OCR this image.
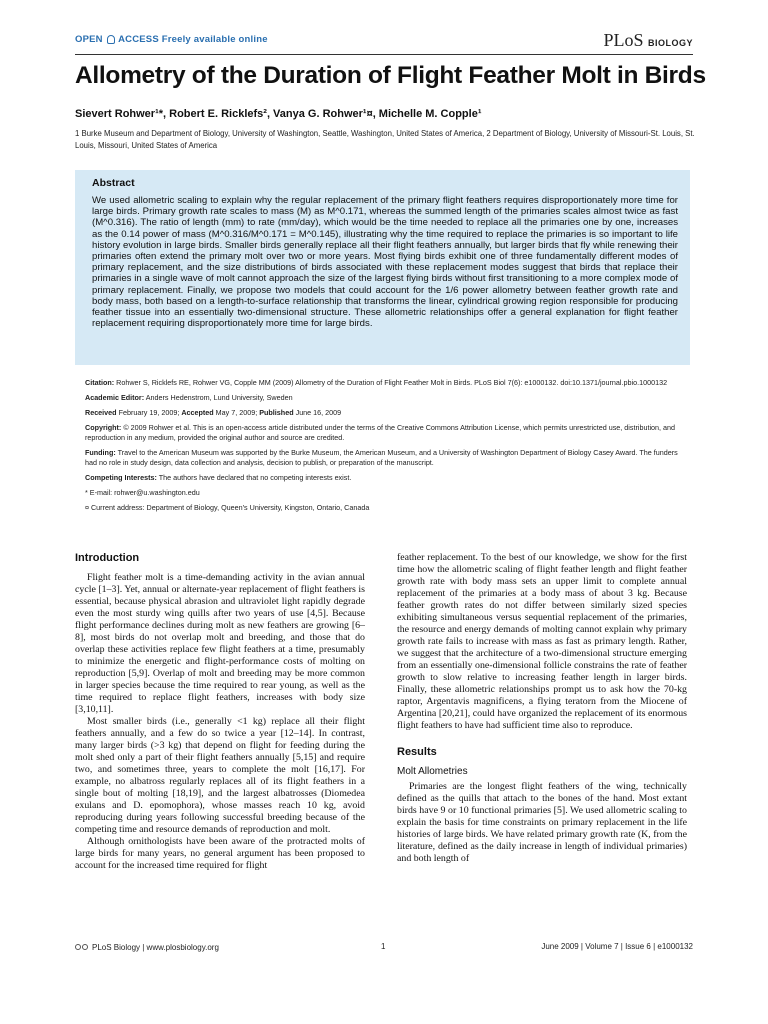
OPEN ACCESS Freely available online	PLoS BIOLOGY
Allometry of the Duration of Flight Feather Molt in Birds
Sievert Rohwer¹*, Robert E. Ricklefs², Vanya G. Rohwer¹¤, Michelle M. Copple¹
1 Burke Museum and Department of Biology, University of Washington, Seattle, Washington, United States of America, 2 Department of Biology, University of Missouri-St. Louis, St. Louis, Missouri, United States of America
Abstract

We used allometric scaling to explain why the regular replacement of the primary flight feathers requires disproportionately more time for large birds. Primary growth rate scales to mass (M) as M^0.171, whereas the summed length of the primaries scales almost twice as fast (M^0.316). The ratio of length (mm) to rate (mm/day), which would be the time needed to replace all the primaries one by one, increases as the 0.14 power of mass (M^0.316/M^0.171 = M^0.145), illustrating why the time required to replace the primaries is so important to life history evolution in large birds. Smaller birds generally replace all their flight feathers annually, but larger birds that fly while renewing their primaries often extend the primary molt over two or more years. Most flying birds exhibit one of three fundamentally different modes of primary replacement, and the size distributions of birds associated with these replacement modes suggest that birds that replace their primaries in a single wave of molt cannot approach the size of the largest flying birds without first transitioning to a more complex mode of primary replacement. Finally, we propose two models that could account for the 1/6 power allometry between feather growth rate and body mass, both based on a length-to-surface relationship that transforms the linear, cylindrical growing region responsible for producing feather tissue into an essentially two-dimensional structure. These allometric relationships offer a general explanation for flight feather replacement requiring disproportionately more time for large birds.

Citation: Rohwer S, Ricklefs RE, Rohwer VG, Copple MM (2009) Allometry of the Duration of Flight Feather Molt in Birds. PLoS Biol 7(6): e1000132. doi:10.1371/journal.pbio.1000132

Academic Editor: Anders Hedenstrom, Lund University, Sweden

Received February 19, 2009; Accepted May 7, 2009; Published June 16, 2009

Copyright: © 2009 Rohwer et al. This is an open-access article distributed under the terms of the Creative Commons Attribution License, which permits unrestricted use, distribution, and reproduction in any medium, provided the original author and source are credited.

Funding: Travel to the American Museum was supported by the Burke Museum, the American Museum, and a University of Washington Department of Biology Casey Award. The funders had no role in study design, data collection and analysis, decision to publish, or preparation of the manuscript.

Competing Interests: The authors have declared that no competing interests exist.

* E-mail: rohwer@u.washington.edu

¤ Current address: Department of Biology, Queen's University, Kingston, Ontario, Canada

Introduction

Flight feather molt is a time-demanding activity in the avian annual cycle [1–3]. Yet, annual or alternate-year replacement of flight feathers is essential, because physical abrasion and ultraviolet light rapidly degrade even the most sturdy wing quills after two years of use [4,5]. Because flight performance declines during molt as new feathers are growing [6–8], most birds do not overlap molt and breeding, and those that do overlap these activities replace few flight feathers at a time, presumably to minimize the energetic and flight-performance costs of molting on reproduction [5,9]. Overlap of molt and breeding may be more common in larger species because the time required to rear young, as well as the time required to replace flight feathers, increases with body size [3,10,11].

Most smaller birds (i.e., generally <1 kg) replace all their flight feathers annually, and a few do so twice a year [12–14]. In contrast, many larger birds (>3 kg) that depend on flight for feeding during the molt shed only a part of their flight feathers annually [5,15] and require two, and sometimes three, years to complete the molt [16,17]. For example, no albatross regularly replaces all of its flight feathers in a single bout of molting [18,19], and the largest albatrosses (Diomedea exulans and D. epomophora), whose masses reach 10 kg, avoid reproducing during years following successful breeding because of the competing time and resource demands of reproduction and molt.

Although ornithologists have been aware of the protracted molts of large birds for many years, no general argument has been proposed to account for the increased time required for flight

feather replacement. To the best of our knowledge, we show for the first time how the allometric scaling of flight feather length and flight feather growth rate with body mass sets an upper limit to complete annual replacement of the primaries at a body mass of about 3 kg. Because feather growth rates do not differ between similarly sized species exhibiting simultaneous versus sequential replacement of the primaries, the resource and energy demands of molting cannot explain why primary growth rate fails to increase with mass as fast as primary length. Rather, we suggest that the architecture of a two-dimensional structure emerging from an essentially one-dimensional follicle constrains the rate of feather growth to slow relative to increasing feather length in larger birds. Finally, these allometric relationships prompt us to ask how the 70-kg raptor, Argentavis magnificens, a flying teratorn from the Miocene of Argentina [20,21], could have organized the replacement of its enormous flight feathers to have had sufficient time also to reproduce.

Results
Molt Allometries

Primaries are the longest flight feathers of the wing, technically defined as the quills that attach to the bones of the hand. Most extant birds have 9 or 10 functional primaries [5]. We used allometric scaling to explain the basis for time constraints on primary replacement in the life histories of large birds. We have related primary growth rate (K, from the literature, defined as the daily increase in length of individual primaries) and both length of

PLoS Biology | www.plosbiology.org	1	June 2009 | Volume 7 | Issue 6 | e1000132
